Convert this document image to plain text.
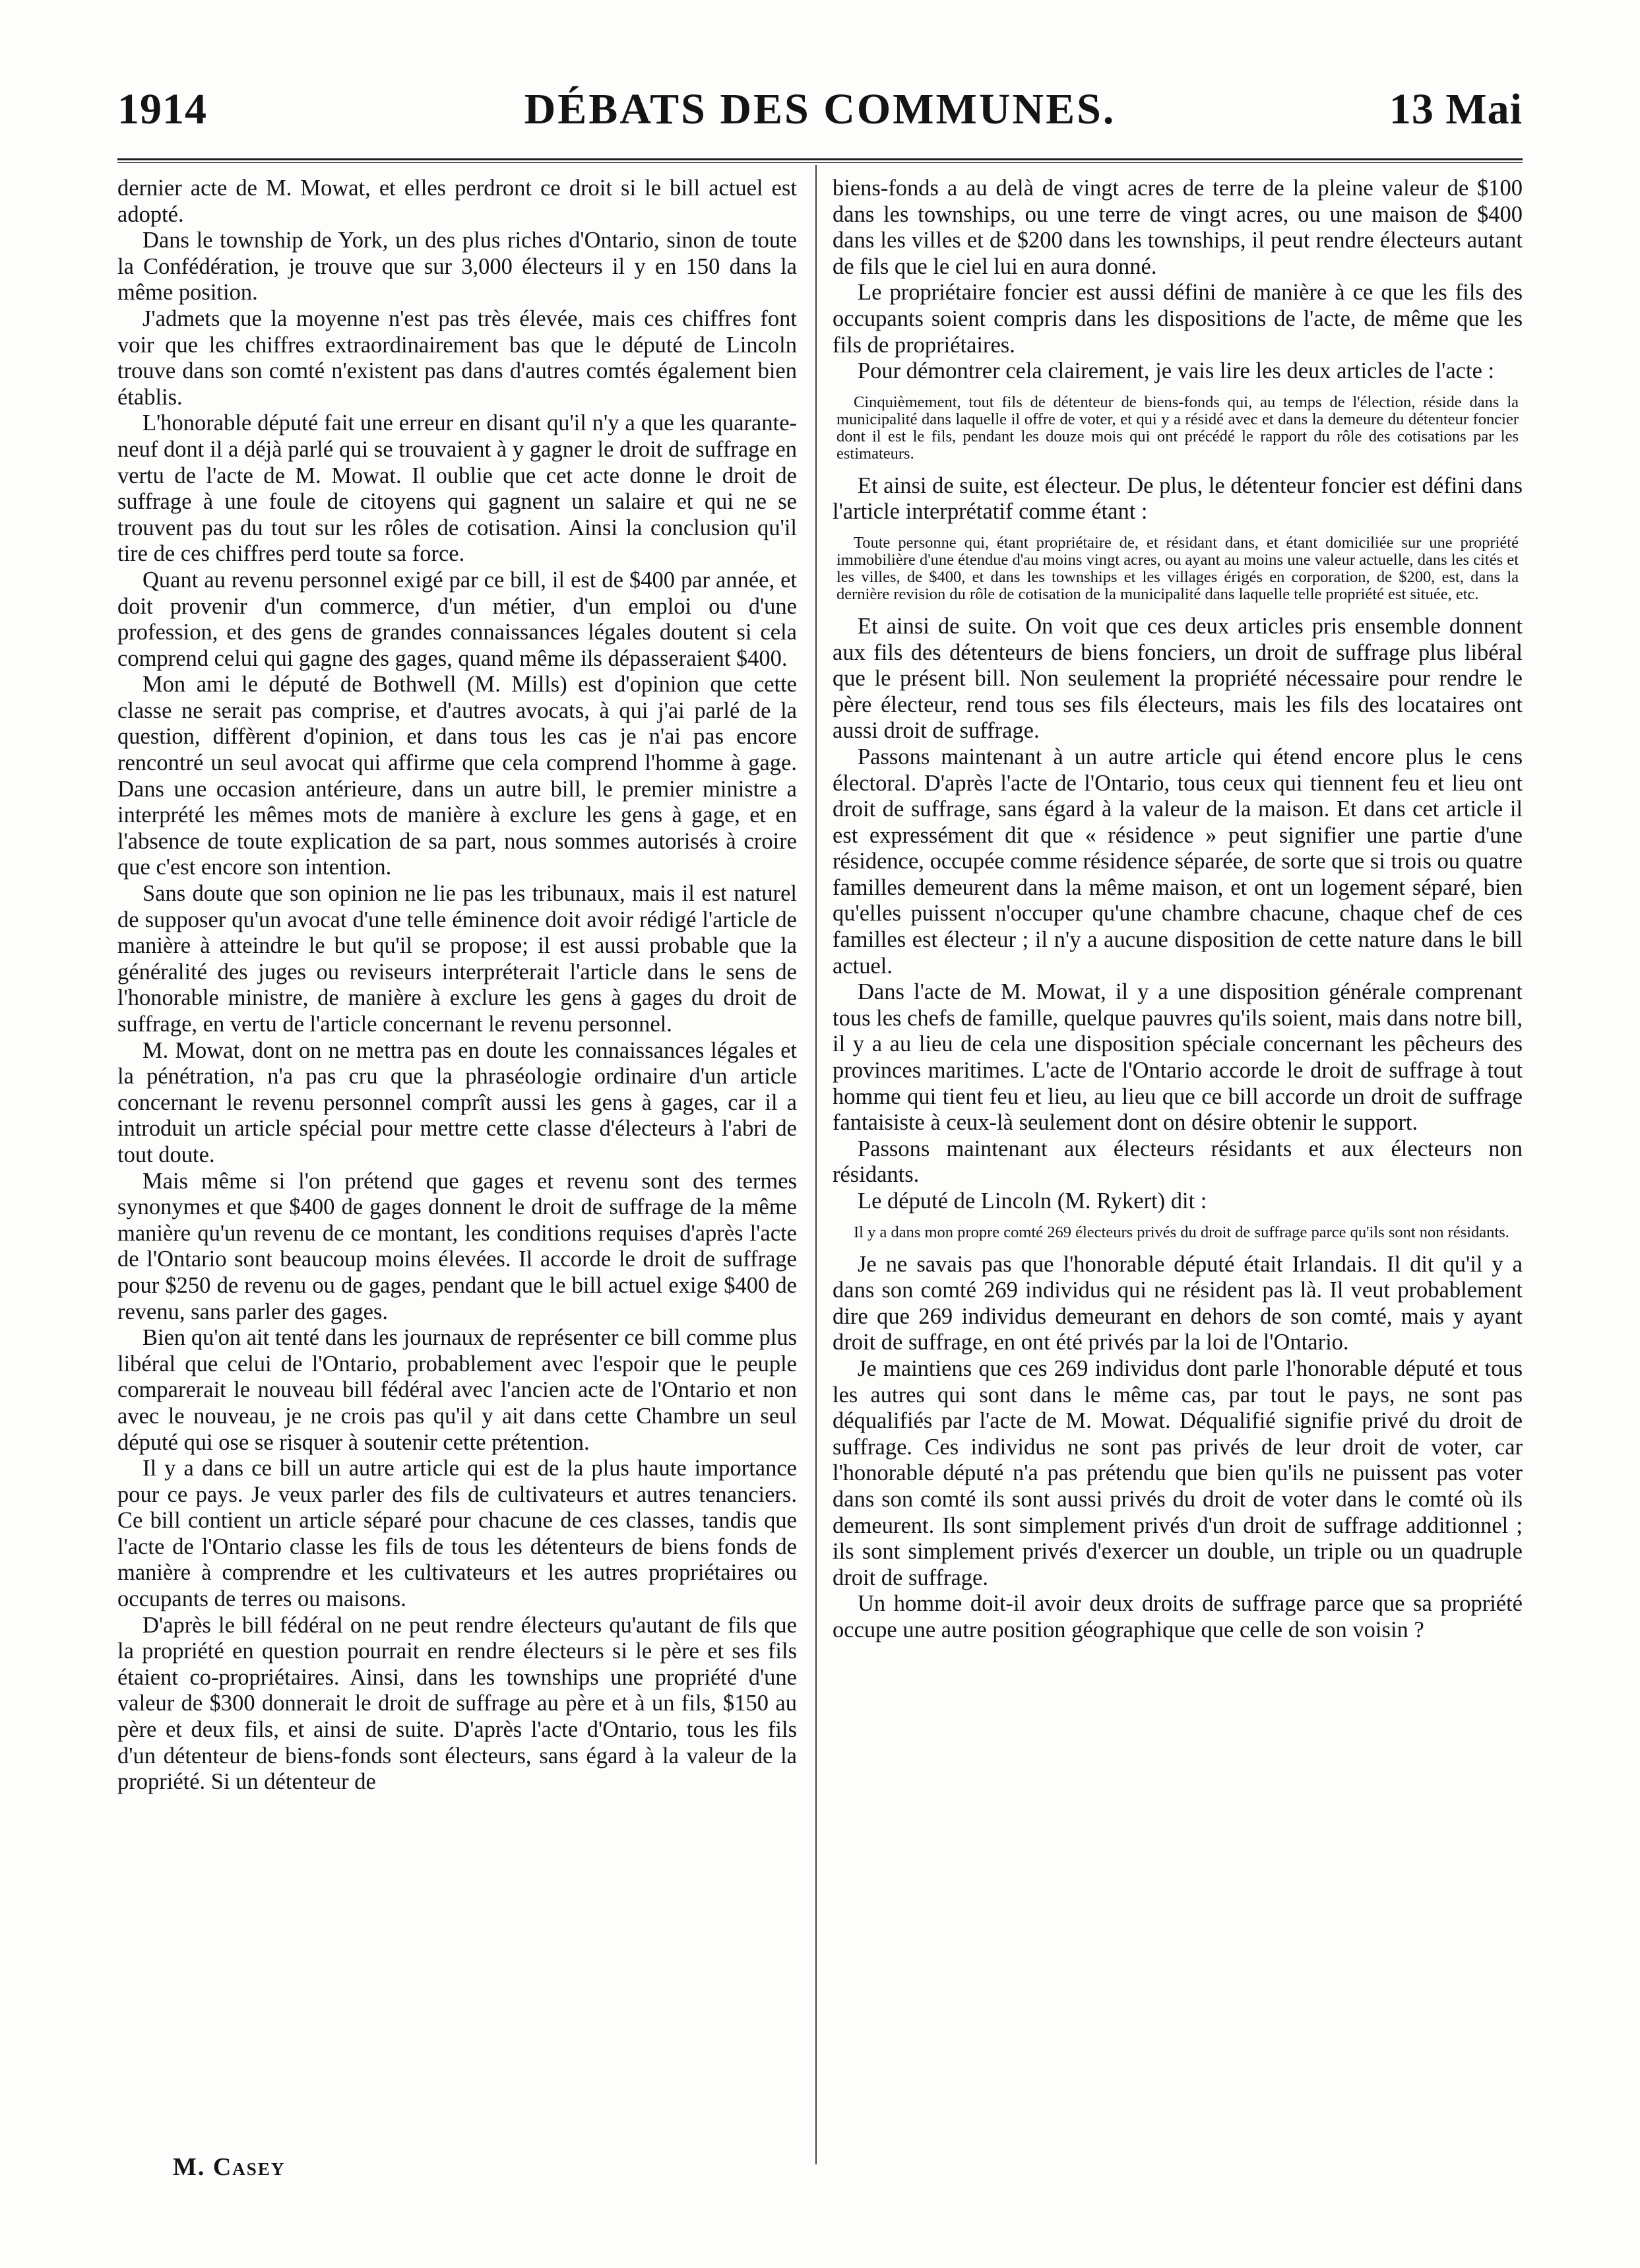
1914	DÉBATS DES COMMUNES.	13 Mai

dernier acte de M. Mowat, et elles perdront ce droit si le bill actuel est adopté.

Dans le township de York, un des plus riches d'Ontario, sinon de toute la Confédération, je trouve que sur 3,000 électeurs il y en 150 dans la même position.

J'admets que la moyenne n'est pas très élevée, mais ces chiffres font voir que les chiffres extraordinairement bas que le député de Lincoln trouve dans son comté n'existent pas dans d'autres comtés également bien établis.

L'honorable député fait une erreur en disant qu'il n'y a que les quarante-neuf dont il a déjà parlé qui se trouvaient à y gagner le droit de suffrage en vertu de l'acte de M. Mowat. Il oublie que cet acte donne le droit de suffrage à une foule de citoyens qui gagnent un salaire et qui ne se trouvent pas du tout sur les rôles de cotisation. Ainsi la conclusion qu'il tire de ces chiffres perd toute sa force.

Quant au revenu personnel exigé par ce bill, il est de $400 par année, et doit provenir d'un commerce, d'un métier, d'un emploi ou d'une profession, et des gens de grandes connaissances légales doutent si cela comprend celui qui gagne des gages, quand même ils dépasseraient $400.

Mon ami le député de Bothwell (M. Mills) est d'opinion que cette classe ne serait pas comprise, et d'autres avocats, à qui j'ai parlé de la question, diffèrent d'opinion, et dans tous les cas je n'ai pas encore rencontré un seul avocat qui affirme que cela comprend l'homme à gage. Dans une occasion antérieure, dans un autre bill, le premier ministre a interprété les mêmes mots de manière à exclure les gens à gage, et en l'absence de toute explication de sa part, nous sommes autorisés à croire que c'est encore son intention.

Sans doute que son opinion ne lie pas les tribunaux, mais il est naturel de supposer qu'un avocat d'une telle éminence doit avoir rédigé l'article de manière à atteindre le but qu'il se propose; il est aussi probable que la généralité des juges ou reviseurs interpréterait l'article dans le sens de l'honorable ministre, de manière à exclure les gens à gages du droit de suffrage, en vertu de l'article concernant le revenu personnel.

M. Mowat, dont on ne mettra pas en doute les connaissances légales et la pénétration, n'a pas cru que la phraséologie ordinaire d'un article concernant le revenu personnel comprît aussi les gens à gages, car il a introduit un article spécial pour mettre cette classe d'électeurs à l'abri de tout doute.

Mais même si l'on prétend que gages et revenu sont des termes synonymes et que $400 de gages donnent le droit de suffrage de la même manière qu'un revenu de ce montant, les conditions requises d'après l'acte de l'Ontario sont beaucoup moins élevées. Il accorde le droit de suffrage pour $250 de revenu ou de gages, pendant que le bill actuel exige $400 de revenu, sans parler des gages.

Bien qu'on ait tenté dans les journaux de représenter ce bill comme plus libéral que celui de l'Ontario, probablement avec l'espoir que le peuple comparerait le nouveau bill fédéral avec l'ancien acte de l'Ontario et non avec le nouveau, je ne crois pas qu'il y ait dans cette Chambre un seul député qui ose se risquer à soutenir cette prétention.

Il y a dans ce bill un autre article qui est de la plus haute importance pour ce pays. Je veux parler des fils de cultivateurs et autres tenanciers. Ce bill contient un article séparé pour chacune de ces classes, tandis que l'acte de l'Ontario classe les fils de tous les détenteurs de biens fonds de manière à comprendre et les cultivateurs et les autres propriétaires ou occupants de terres ou maisons.

D'après le bill fédéral on ne peut rendre électeurs qu'autant de fils que la propriété en question pourrait en rendre électeurs si le père et ses fils étaient co-propriétaires. Ainsi, dans les townships une propriété d'une valeur de $300 donnerait le droit de suffrage au père et à un fils, $150 au père et deux fils, et ainsi de suite. D'après l'acte d'Ontario, tous les fils d'un détenteur de biens-fonds sont électeurs, sans égard à la valeur de la propriété. Si un détenteur de

biens-fonds a au delà de vingt acres de terre de la pleine valeur de $100 dans les townships, ou une terre de vingt acres, ou une maison de $400 dans les villes et de $200 dans les townships, il peut rendre électeurs autant de fils que le ciel lui en aura donné.

Le propriétaire foncier est aussi défini de manière à ce que les fils des occupants soient compris dans les dispositions de l'acte, de même que les fils de propriétaires.

Pour démontrer cela clairement, je vais lire les deux articles de l'acte :

Cinquièmement, tout fils de détenteur de biens-fonds qui, au temps de l'élection, réside dans la municipalité dans laquelle il offre de voter, et qui y a résidé avec et dans la demeure du détenteur foncier dont il est le fils, pendant les douze mois qui ont précédé le rapport du rôle des cotisations par les estimateurs.

Et ainsi de suite, est électeur. De plus, le détenteur foncier est défini dans l'article interprétatif comme étant :

Toute personne qui, étant propriétaire de, et résidant dans, et étant domiciliée sur une propriété immobilière d'une étendue d'au moins vingt acres, ou ayant au moins une valeur actuelle, dans les cités et les villes, de $400, et dans les townships et les villages érigés en corporation, de $200, est, dans la dernière revision du rôle de cotisation de la municipalité dans laquelle telle propriété est située, etc.

Et ainsi de suite. On voit que ces deux articles pris ensemble donnent aux fils des détenteurs de biens fonciers, un droit de suffrage plus libéral que le présent bill. Non seulement la propriété nécessaire pour rendre le père électeur, rend tous ses fils électeurs, mais les fils des locataires ont aussi droit de suffrage.

Passons maintenant à un autre article qui étend encore plus le cens électoral. D'après l'acte de l'Ontario, tous ceux qui tiennent feu et lieu ont droit de suffrage, sans égard à la valeur de la maison. Et dans cet article il est expressément dit que « résidence » peut signifier une partie d'une résidence, occupée comme résidence séparée, de sorte que si trois ou quatre familles demeurent dans la même maison, et ont un logement séparé, bien qu'elles puissent n'occuper qu'une chambre chacune, chaque chef de ces familles est électeur ; il n'y a aucune disposition de cette nature dans le bill actuel.

Dans l'acte de M. Mowat, il y a une disposition générale comprenant tous les chefs de famille, quelque pauvres qu'ils soient, mais dans notre bill, il y a au lieu de cela une disposition spéciale concernant les pêcheurs des provinces maritimes. L'acte de l'Ontario accorde le droit de suffrage à tout homme qui tient feu et lieu, au lieu que ce bill accorde un droit de suffrage fantaisiste à ceux-là seulement dont on désire obtenir le support.

Passons maintenant aux électeurs résidants et aux électeurs non résidants.

Le député de Lincoln (M. Rykert) dit :

Il y a dans mon propre comté 269 électeurs privés du droit de suffrage parce qu'ils sont non résidants.

Je ne savais pas que l'honorable député était Irlandais. Il dit qu'il y a dans son comté 269 individus qui ne résident pas là. Il veut probablement dire que 269 individus demeurant en dehors de son comté, mais y ayant droit de suffrage, en ont été privés par la loi de l'Ontario.

Je maintiens que ces 269 individus dont parle l'honorable député et tous les autres qui sont dans le même cas, par tout le pays, ne sont pas déqualifiés par l'acte de M. Mowat. Déqualifié signifie privé du droit de suffrage. Ces individus ne sont pas privés de leur droit de voter, car l'honorable député n'a pas prétendu que bien qu'ils ne puissent pas voter dans son comté ils sont aussi privés du droit de voter dans le comté où ils demeurent. Ils sont simplement privés d'un droit de suffrage additionnel ; ils sont simplement privés d'exercer un double, un triple ou un quadruple droit de suffrage.

Un homme doit-il avoir deux droits de suffrage parce que sa propriété occupe une autre position géographique que celle de son voisin ?

M. Casey
